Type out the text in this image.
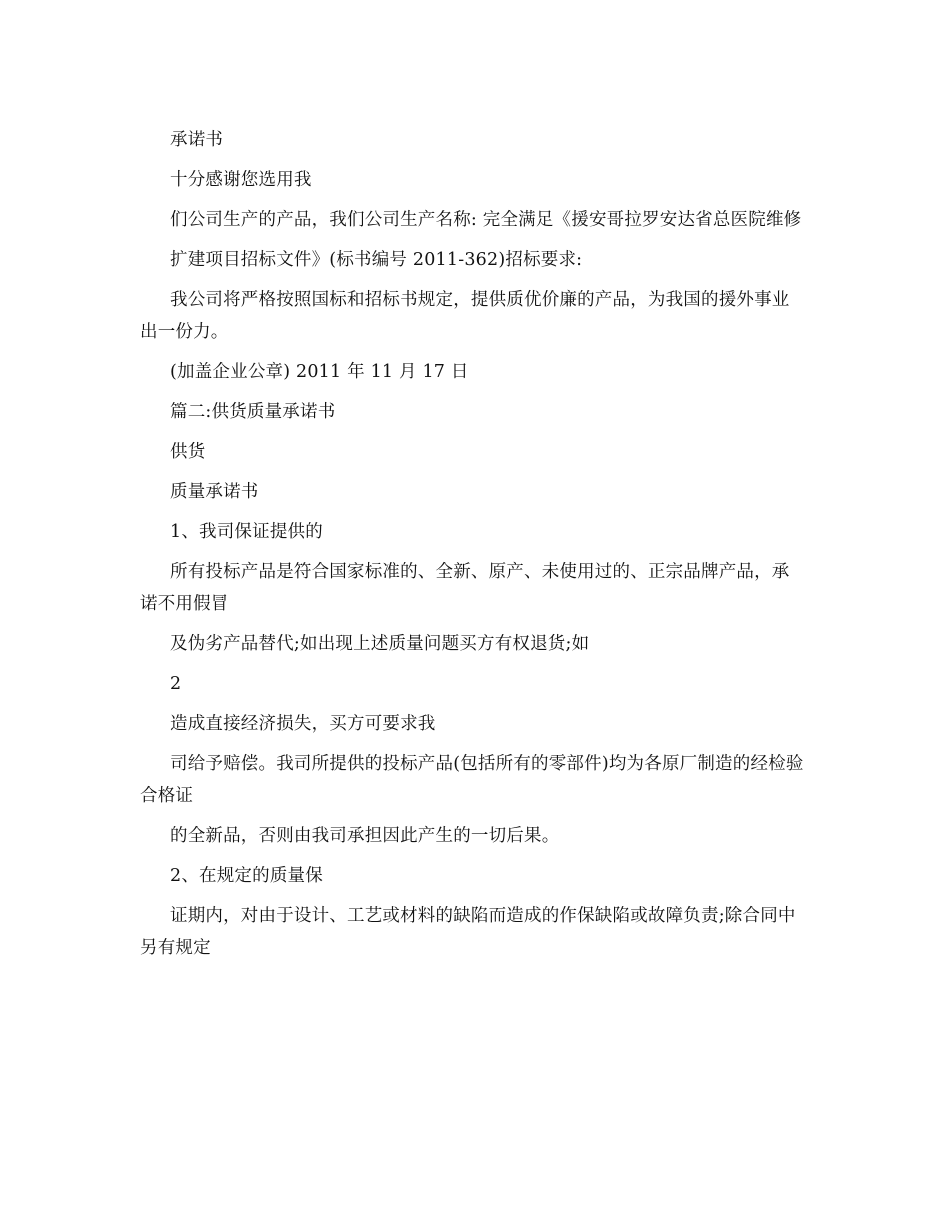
承诺书

十分感谢您选用我

们公司生产的产品，我们公司生产名称: 完全满足《援安哥拉罗安达省总医院维修

扩建项目招标文件》(标书编号 2011-362)招标要求:

我公司将严格按照国标和招标书规定，提供质优价廉的产品，为我国的援外事业出一份力。

(加盖企业公章) 2011 年 11 月 17 日

篇二:供货质量承诺书

供货

质量承诺书

1、我司保证提供的

所有投标产品是符合国家标准的、全新、原产、未使用过的、正宗品牌产品，承诺不用假冒

及伪劣产品替代;如出现上述质量问题买方有权退货;如

2

造成直接经济损失，买方可要求我

司给予赔偿。我司所提供的投标产品(包括所有的零部件)均为各原厂制造的经检验合格证

的全新品，否则由我司承担因此产生的一切后果。

2、在规定的质量保

证期内，对由于设计、工艺或材料的缺陷而造成的作保缺陷或故障负责;除合同中另有规定
